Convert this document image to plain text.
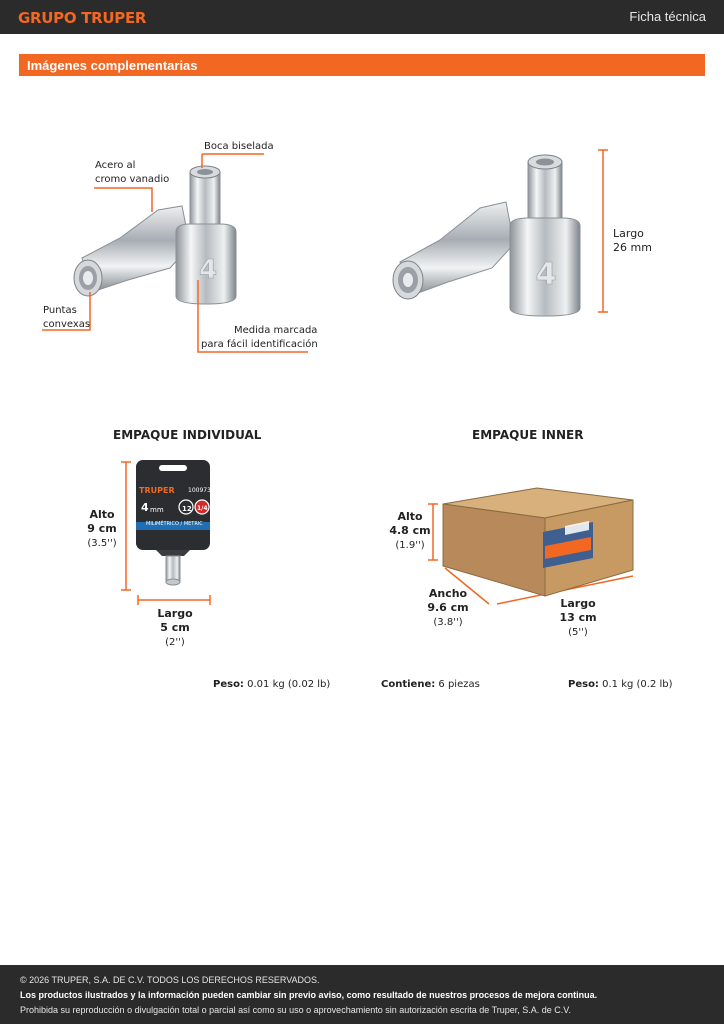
GRUPO TRUPER	Ficha técnica
Imágenes complementarias
4
Acero al
cromo vanadio
Boca biselada
Puntas
convexas
Medida marcada
para fácil identificación
4
Largo
26 mm
EMPAQUE INDIVIDUAL	EMPAQUE INNER
TRUPER 100973
4 mm	12 1/4
MILIMÉTRICO / METRIC
Alto
9 cm
(3.5'')
Largo
5 cm
(2'')
Alto
4.8 cm
(1.9'')
Ancho
9.6 cm
(3.8'')
Largo
13 cm
(5'')
Peso: 0.01 kg (0.02 lb)	Contiene: 6 piezas	Peso: 0.1 kg (0.2 lb)
© 2026 TRUPER, S.A. DE C.V. TODOS LOS DERECHOS RESERVADOS.
Los productos ilustrados y la información pueden cambiar sin previo aviso, como resultado de nuestros procesos de mejora continua.
Prohibida su reproducción o divulgación total o parcial así como su uso o aprovechamiento sin autorización escrita de Truper, S.A. de C.V.
